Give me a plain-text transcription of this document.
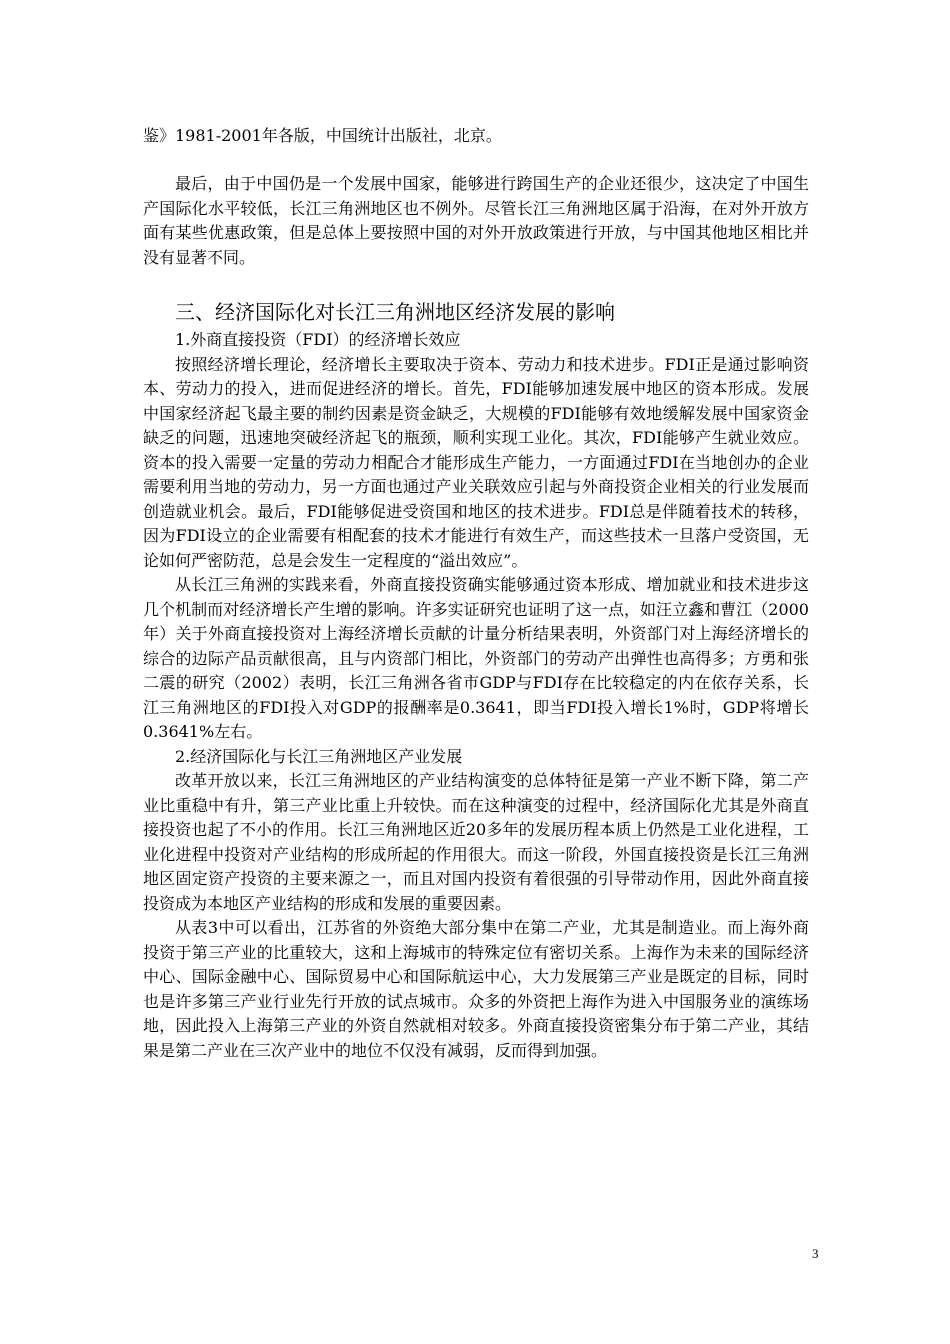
鉴》1981-2001年各版，中国统计出版社，北京。

最后，由于中国仍是一个发展中国家，能够进行跨国生产的企业还很少，这决定了中国生产国际化水平较低，长江三角洲地区也不例外。尽管长江三角洲地区属于沿海，在对外开放方面有某些优惠政策，但是总体上要按照中国的对外开放政策进行开放，与中国其他地区相比并没有显著不同。

三、经济国际化对长江三角洲地区经济发展的影响

1.外商直接投资（FDI）的经济增长效应

按照经济增长理论，经济增长主要取决于资本、劳动力和技术进步。FDI正是通过影响资本、劳动力的投入，进而促进经济的增长。首先，FDI能够加速发展中地区的资本形成。发展中国家经济起飞最主要的制约因素是资金缺乏，大规模的FDI能够有效地缓解发展中国家资金缺乏的问题，迅速地突破经济起飞的瓶颈，顺利实现工业化。其次，FDI能够产生就业效应。资本的投入需要一定量的劳动力相配合才能形成生产能力，一方面通过FDI在当地创办的企业需要利用当地的劳动力，另一方面也通过产业关联效应引起与外商投资企业相关的行业发展而创造就业机会。最后，FDI能够促进受资国和地区的技术进步。FDI总是伴随着技术的转移，因为FDI设立的企业需要有相配套的技术才能进行有效生产，而这些技术一旦落户受资国，无论如何严密防范，总是会发生一定程度的“溢出效应”。

从长江三角洲的实践来看，外商直接投资确实能够通过资本形成、增加就业和技术进步这几个机制而对经济增长产生增的影响。许多实证研究也证明了这一点，如汪立鑫和曹江（2000年）关于外商直接投资对上海经济增长贡献的计量分析结果表明，外资部门对上海经济增长的综合的边际产品贡献很高，且与内资部门相比，外资部门的劳动产出弹性也高得多；方勇和张二震的研究（2002）表明，长江三角洲各省市GDP与FDI存在比较稳定的内在依存关系，长江三角洲地区的FDI投入对GDP的报酬率是0.3641，即当FDI投入增长1%时，GDP将增长0.3641%左右。

2.经济国际化与长江三角洲地区产业发展

改革开放以来，长江三角洲地区的产业结构演变的总体特征是第一产业不断下降，第二产业比重稳中有升，第三产业比重上升较快。而在这种演变的过程中，经济国际化尤其是外商直接投资也起了不小的作用。长江三角洲地区近20多年的发展历程本质上仍然是工业化进程，工业化进程中投资对产业结构的形成所起的作用很大。而这一阶段，外国直接投资是长江三角洲地区固定资产投资的主要来源之一，而且对国内投资有着很强的引导带动作用，因此外商直接投资成为本地区产业结构的形成和发展的重要因素。

从表3中可以看出，江苏省的外资绝大部分集中在第二产业，尤其是制造业。而上海外商投资于第三产业的比重较大，这和上海城市的特殊定位有密切关系。上海作为未来的国际经济中心、国际金融中心、国际贸易中心和国际航运中心，大力发展第三产业是既定的目标，同时也是许多第三产业行业先行开放的试点城市。众多的外资把上海作为进入中国服务业的演练场地，因此投入上海第三产业的外资自然就相对较多。外商直接投资密集分布于第二产业，其结果是第二产业在三次产业中的地位不仅没有减弱，反而得到加强。

3
